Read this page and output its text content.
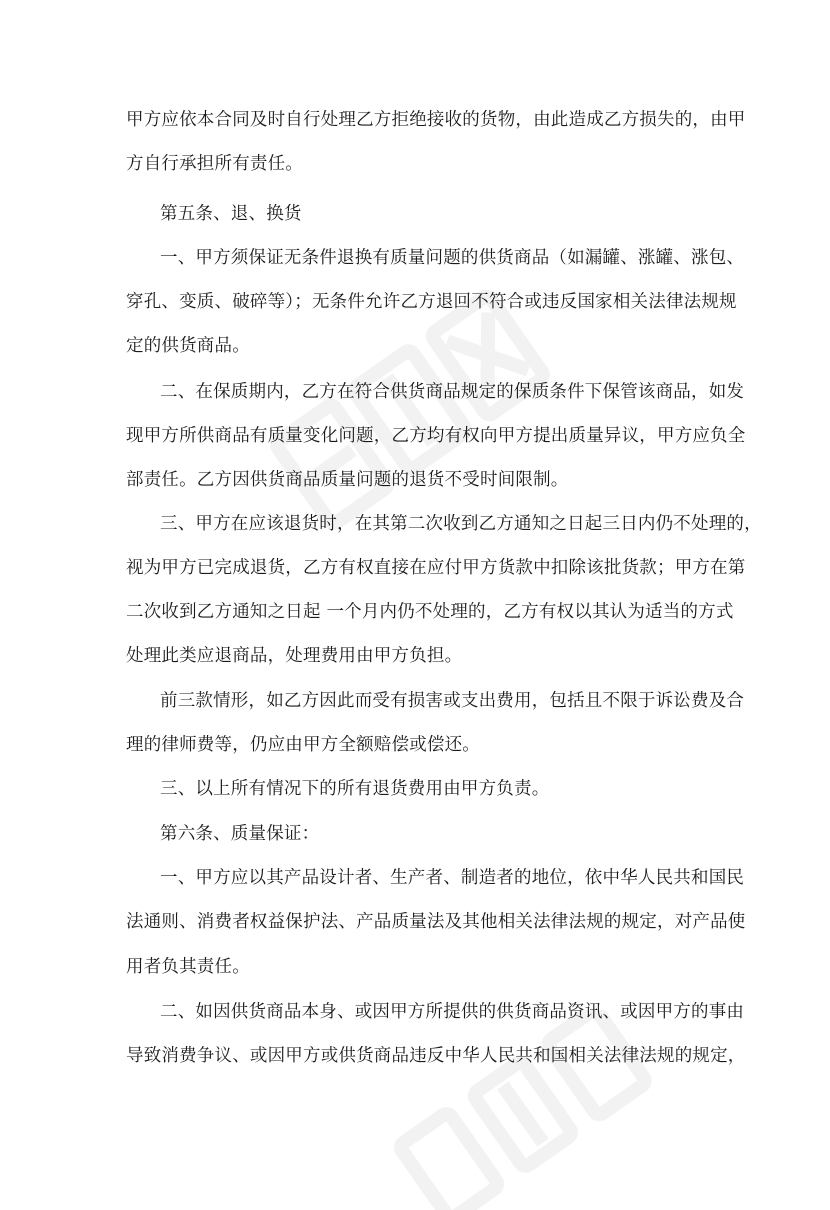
甲方应依本合同及时自行处理乙方拒绝接收的货物，由此造成乙方损失的，由甲
方自行承担所有责任。
第五条、退、换货
一、甲方须保证无条件退换有质量问题的供货商品（如漏罐、涨罐、涨包、
穿孔、变质、破碎等）；无条件允许乙方退回不符合或违反国家相关法律法规规
定的供货商品。
二、在保质期内，乙方在符合供货商品规定的保质条件下保管该商品，如发
现甲方所供商品有质量变化问题，乙方均有权向甲方提出质量异议，甲方应负全
部责任。乙方因供货商品质量问题的退货不受时间限制。
三、甲方在应该退货时，在其第二次收到乙方通知之日起三日内仍不处理的，
视为甲方已完成退货，乙方有权直接在应付甲方货款中扣除该批货款；甲方在第
二次收到乙方通知之日起 一个月内仍不处理的，乙方有权以其认为适当的方式
处理此类应退商品，处理费用由甲方负担。
前三款情形，如乙方因此而受有损害或支出费用，包括且不限于诉讼费及合
理的律师费等，仍应由甲方全额赔偿或偿还。
三、以上所有情况下的所有退货费用由甲方负责。
第六条、质量保证：
一、甲方应以其产品设计者、生产者、制造者的地位，依中华人民共和国民
法通则、消费者权益保护法、产品质量法及其他相关法律法规的规定，对产品使
用者负其责任。
二、如因供货商品本身、或因甲方所提供的供货商品资讯、或因甲方的事由
导致消费争议、或因甲方或供货商品违反中华人民共和国相关法律法规的规定，
